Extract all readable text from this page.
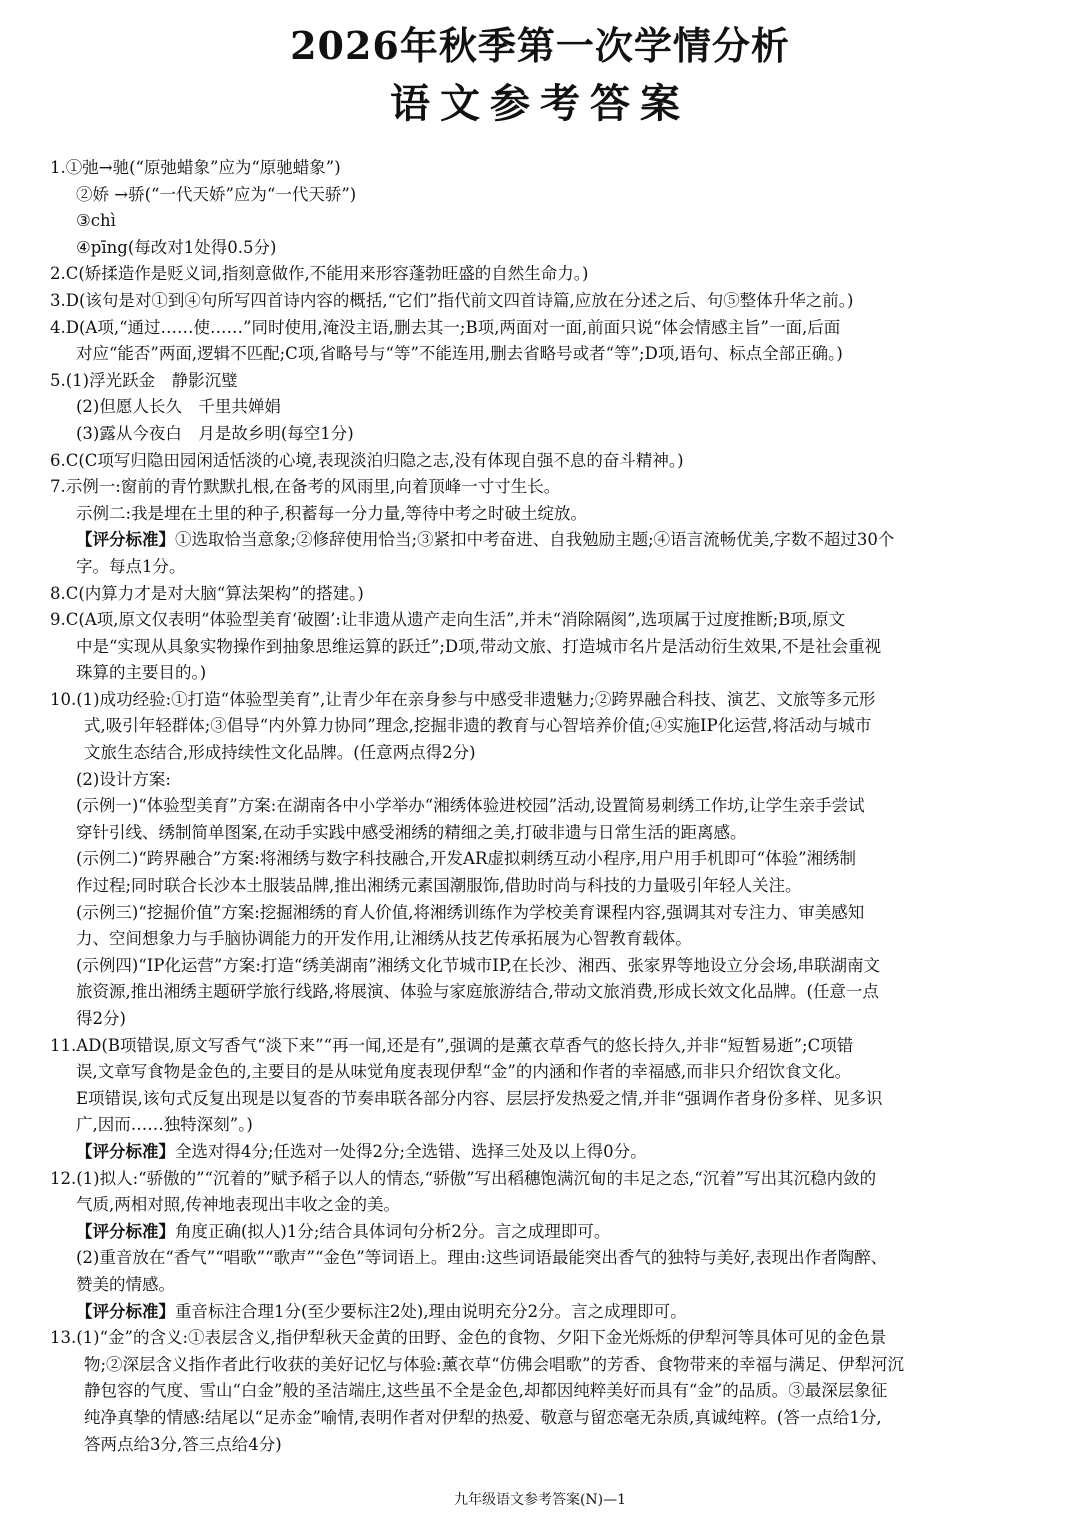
2026年秋季第一次学情分析
语文参考答案
1.①弛→驰(“原弛蜡象”应为“原驰蜡象”)
②娇 →骄(“一代天娇”应为“一代天骄”)
③chì
④pīng(每改对1处得0.5分)
2.C(矫揉造作是贬义词,指刻意做作,不能用来形容蓬勃旺盛的自然生命力。)
3.D(该句是对①到④句所写四首诗内容的概括,“它们”指代前文四首诗篇,应放在分述之后、句⑤整体升华之前。)
4.D(A项,“通过……使……”同时使用,淹没主语,删去其一;B项,两面对一面,前面只说“体会情感主旨”一面,后面
对应“能否”两面,逻辑不匹配;C项,省略号与“等”不能连用,删去省略号或者“等”;D项,语句、标点全部正确。)
5.(1)浮光跃金　静影沉璧
(2)但愿人长久　千里共婵娟
(3)露从今夜白　月是故乡明(每空1分)
6.C(C项写归隐田园闲适恬淡的心境,表现淡泊归隐之志,没有体现自强不息的奋斗精神。)
7.示例一:窗前的青竹默默扎根,在备考的风雨里,向着顶峰一寸寸生长。
示例二:我是埋在土里的种子,积蓄每一分力量,等待中考之时破土绽放。
【评分标准】①选取恰当意象;②修辞使用恰当;③紧扣中考奋进、自我勉励主题;④语言流畅优美,字数不超过30个
字。每点1分。
8.C(内算力才是对大脑“算法架构”的搭建。)
9.C(A项,原文仅表明“体验型美育‘破圈’:让非遗从遗产走向生活”,并未“消除隔阂”,选项属于过度推断;B项,原文
中是“实现从具象实物操作到抽象思维运算的跃迁”;D项,带动文旅、打造城市名片是活动衍生效果,不是社会重视
珠算的主要目的。)
10.(1)成功经验:①打造“体验型美育”,让青少年在亲身参与中感受非遗魅力;②跨界融合科技、演艺、文旅等多元形
式,吸引年轻群体;③倡导“内外算力协同”理念,挖掘非遗的教育与心智培养价值;④实施IP化运营,将活动与城市
文旅生态结合,形成持续性文化品牌。(任意两点得2分)
(2)设计方案:
(示例一)“体验型美育”方案:在湖南各中小学举办“湘绣体验进校园”活动,设置简易刺绣工作坊,让学生亲手尝试
穿针引线、绣制简单图案,在动手实践中感受湘绣的精细之美,打破非遗与日常生活的距离感。
(示例二)“跨界融合”方案:将湘绣与数字科技融合,开发AR虚拟刺绣互动小程序,用户用手机即可“体验”湘绣制
作过程;同时联合长沙本土服装品牌,推出湘绣元素国潮服饰,借助时尚与科技的力量吸引年轻人关注。
(示例三)“挖掘价值”方案:挖掘湘绣的育人价值,将湘绣训练作为学校美育课程内容,强调其对专注力、审美感知
力、空间想象力与手脑协调能力的开发作用,让湘绣从技艺传承拓展为心智教育载体。
(示例四)“IP化运营”方案:打造“绣美湖南”湘绣文化节城市IP,在长沙、湘西、张家界等地设立分会场,串联湖南文
旅资源,推出湘绣主题研学旅行线路,将展演、体验与家庭旅游结合,带动文旅消费,形成长效文化品牌。(任意一点
得2分)
11.AD(B项错误,原文写香气“淡下来”“再一闻,还是有”,强调的是薰衣草香气的悠长持久,并非“短暂易逝”;C项错
误,文章写食物是金色的,主要目的是从味觉角度表现伊犁“金”的内涵和作者的幸福感,而非只介绍饮食文化。
E项错误,该句式反复出现是以复沓的节奏串联各部分内容、层层抒发热爱之情,并非“强调作者身份多样、见多识
广,因而……独特深刻”。)
【评分标准】全选对得4分;任选对一处得2分;全选错、选择三处及以上得0分。
12.(1)拟人:“骄傲的”“沉着的”赋予稻子以人的情态,“骄傲”写出稻穗饱满沉甸的丰足之态,“沉着”写出其沉稳内敛的
气质,两相对照,传神地表现出丰收之金的美。
【评分标准】角度正确(拟人)1分;结合具体词句分析2分。言之成理即可。
(2)重音放在“香气”“唱歌”“歌声”“金色”等词语上。理由:这些词语最能突出香气的独特与美好,表现出作者陶醉、
赞美的情感。
【评分标准】重音标注合理1分(至少要标注2处),理由说明充分2分。言之成理即可。
13.(1)“金”的含义:①表层含义,指伊犁秋天金黄的田野、金色的食物、夕阳下金光烁烁的伊犁河等具体可见的金色景
物;②深层含义指作者此行收获的美好记忆与体验:薰衣草“仿佛会唱歌”的芳香、食物带来的幸福与满足、伊犁河沉
静包容的气度、雪山“白金”般的圣洁端庄,这些虽不全是金色,却都因纯粹美好而具有“金”的品质。③最深层象征
纯净真挚的情感:结尾以“足赤金”喻情,表明作者对伊犁的热爱、敬意与留恋毫无杂质,真诚纯粹。(答一点给1分,
答两点给3分,答三点给4分)
九年级语文参考答案(N)—1
